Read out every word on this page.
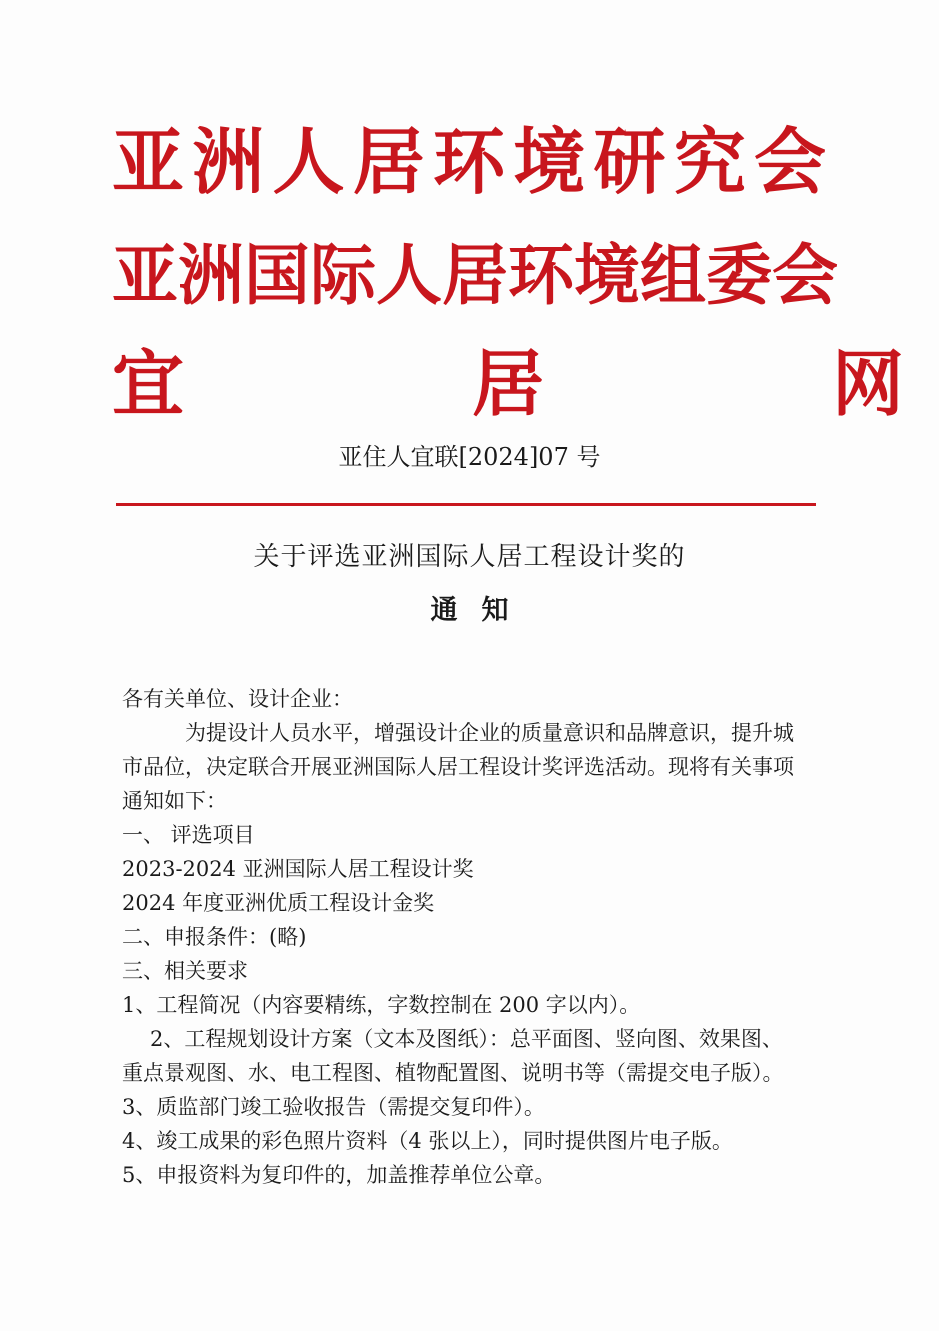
亚洲人居环境研究会
亚洲国际人居环境组委会
宜　　　　居　　　　网
亚住人宜联[2024]07 号
关于评选亚洲国际人居工程设计奖的
通知

各有关单位、设计企业：

为提设计人员水平，增强设计企业的质量意识和品牌意识，提升城市品位，决定联合开展亚洲国际人居工程设计奖评选活动。现将有关事项通知如下：

一、 评选项目

2023-2024 亚洲国际人居工程设计奖

2024 年度亚洲优质工程设计金奖

二、申报条件：(略)

三、相关要求

1、工程简况（内容要精练，字数控制在 200 字以内）。

2、工程规划设计方案（文本及图纸）：总平面图、竖向图、效果图、重点景观图、水、电工程图、植物配置图、说明书等（需提交电子版）。

3、质监部门竣工验收报告（需提交复印件）。

4、竣工成果的彩色照片资料（4 张以上），同时提供图片电子版。

5、申报资料为复印件的，加盖推荐单位公章。
